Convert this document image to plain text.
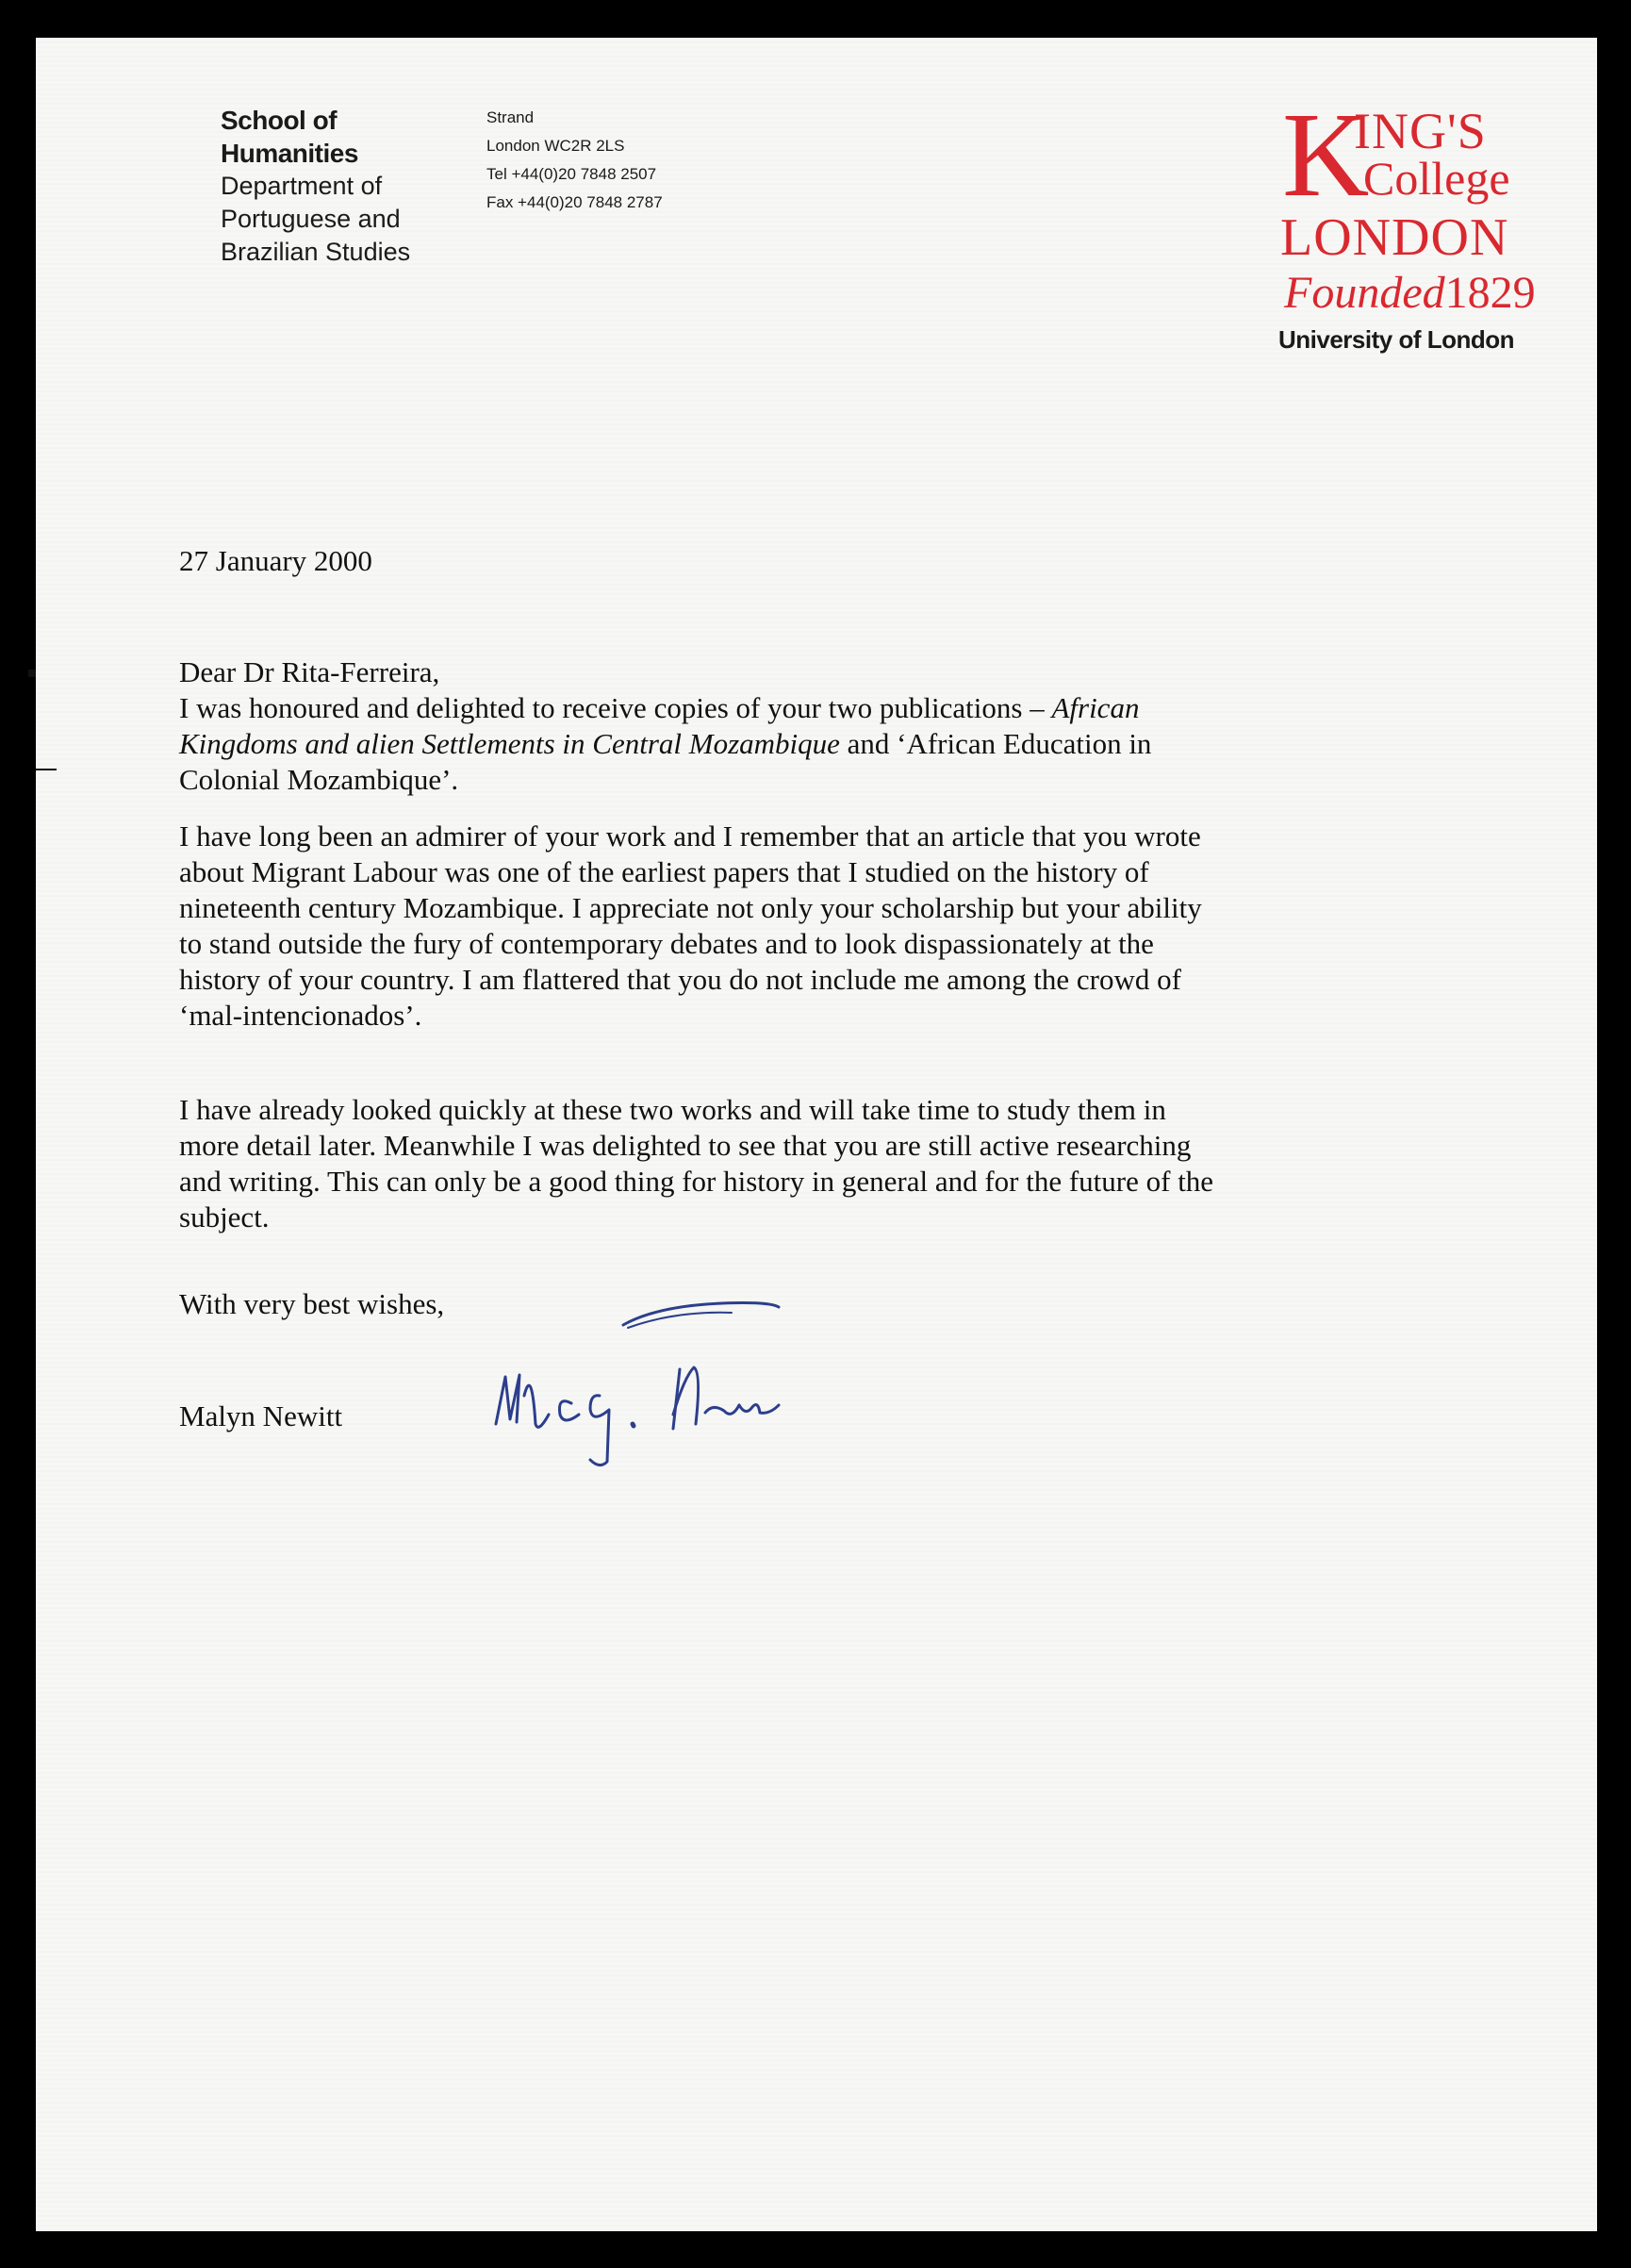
School of
Humanities
Department of
Portuguese and
Brazilian Studies
Strand
London WC2R 2LS
Tel +44(0)20 7848 2507
Fax +44(0)20 7848 2787	K
ING'S
College
LONDON
Founded1829
University of London
27 January 2000
Dear Dr Rita-Ferreira,
I was honoured and delighted to receive copies of your two publications – African
Kingdoms and alien Settlements in Central Mozambique and ‘African Education in
Colonial Mozambique’.
I have long been an admirer of your work and I remember that an article that you wrote
about Migrant Labour was one of the earliest papers that I studied on the history of
nineteenth century Mozambique. I appreciate not only your scholarship but your ability
to stand outside the fury of contemporary debates and to look dispassionately at the
history of your country. I am flattered that you do not include me among the crowd of
‘mal-intencionados’.
I have already looked quickly at these two works and will take time to study them in
more detail later. Meanwhile I was delighted to see that you are still active researching
and writing. This can only be a good thing for history in general and for the future of the
subject.
With very best wishes,
Malyn Newitt
